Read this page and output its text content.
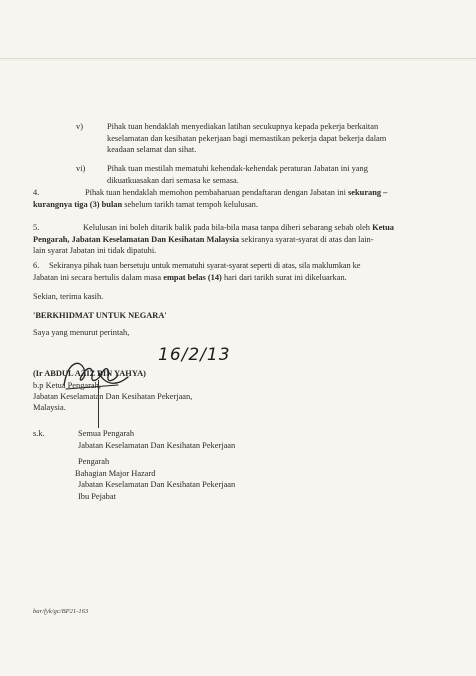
v)	Pihak tuan hendaklah menyediakan latihan secukupnya kepada pekerja berkaitan
keselamatan dan kesihatan pekerjaan bagi memastikan pekerja dapat bekerja dalam
keadaan selamat dan sihat.
vi)	Pihak tuan mestilah mematuhi kehendak-kehendak peraturan Jabatan ini yang
dikuatkuasakan dari semasa ke semasa.
4.	Pihak tuan hendaklah memohon pembaharuan pendaftaran dengan Jabatan ini sekurang –
kurangnya tiga (3) bulan sebelum tarikh tamat tempoh kelulusan.
5.	Kelulusan ini boleh ditarik balik pada bila-bila masa tanpa diberi sebarang sebab oleh Ketua
Pengarah, Jabatan Keselamatan Dan Kesihatan Malaysia sekiranya syarat-syarat di atas dan lain-
lain syarat Jabatan ini tidak dipatuhi.
6.	Sekiranya pihak tuan bersetuju untuk mematuhi syarat-syarat seperti di atas, sila maklumkan ke
Jabatan ini secara bertulis dalam masa empat belas (14) hari dari tarikh surat ini dikeluarkan.
Sekian, terima kasih.
'BERKHIDMAT UNTUK NEGARA'
Saya yang menurut perintah,
16/2/13
(Ir ABDUL AZIZ BIN YAHYA)
b.p Ketua Pengarah,
Jabatan Keselamatan Dan Kesihatan Pekerjaan,
Malaysia.
s.k.	Semua Pengarah
Jabatan Keselamatan Dan Kesihatan Pekerjaan
Pengarah
Bahagian Major Hazard
Jabatan Keselamatan Dan Kesihatan Pekerjaan
Ibu Pejabat
bar/fyk/gc/BP21-163
